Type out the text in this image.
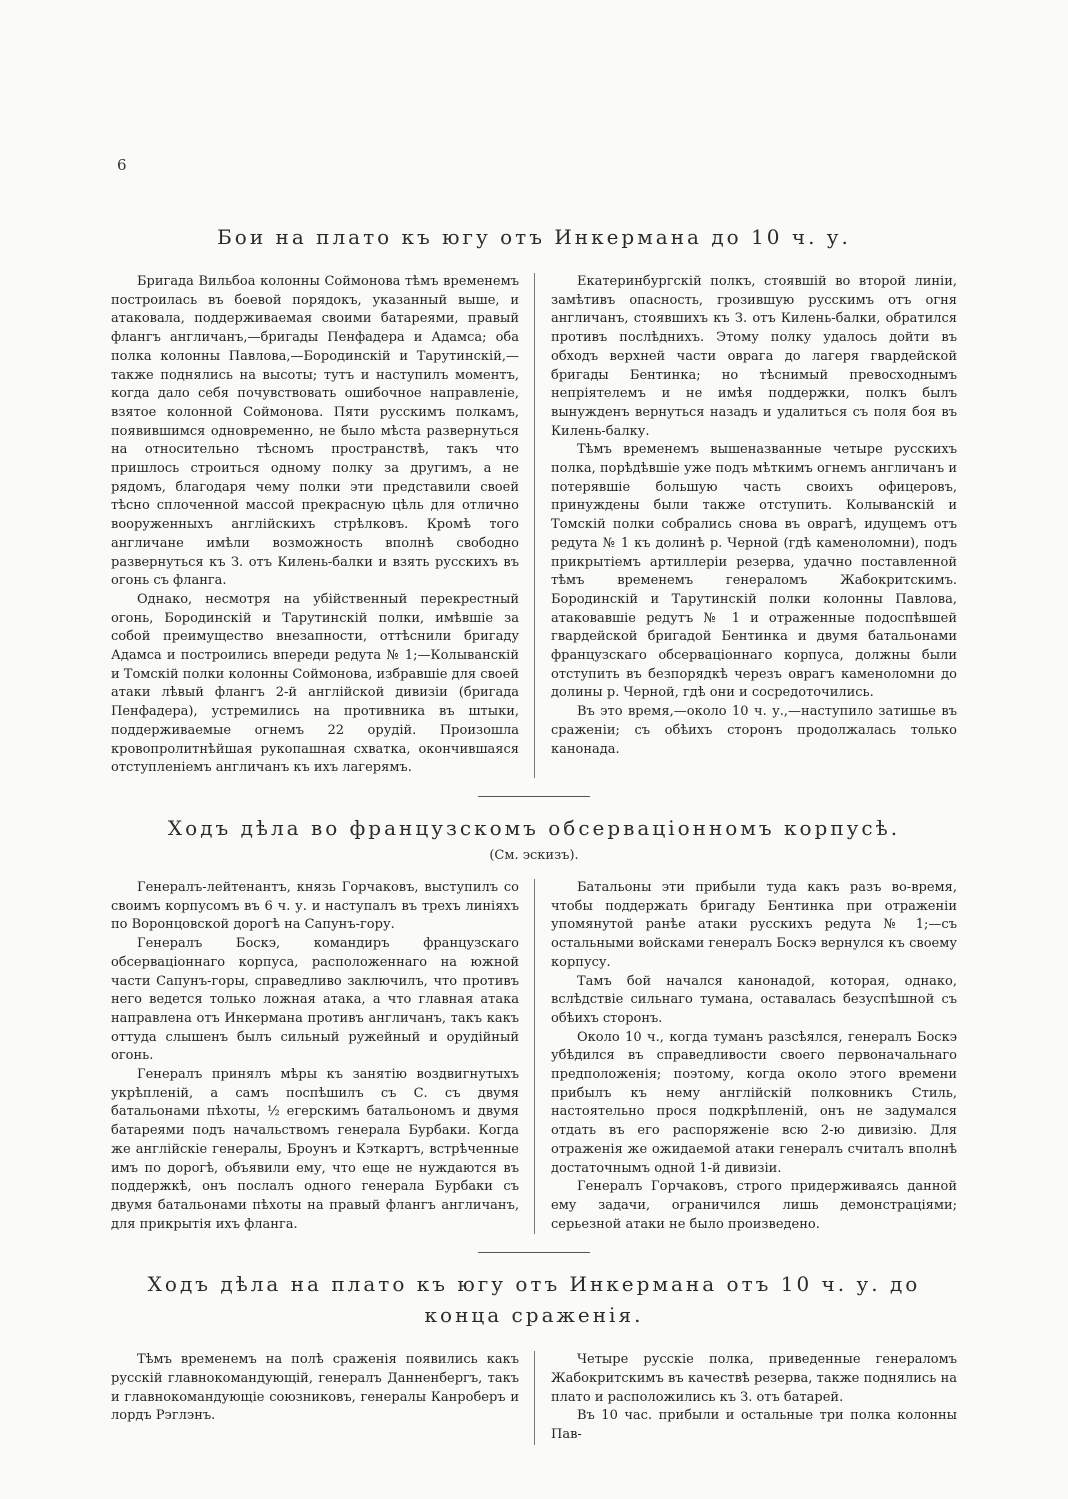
6
Бои на плато къ югу отъ Инкермана до 10 ч. у.

Бригада Вильбоа колонны Соймонова тѣмъ временемъ построилась въ боевой порядокъ, указанный выше, и атаковала, поддерживаемая своими батареями, правый флангъ англичанъ,—бригады Пенфадера и Адамса; оба полка колонны Павлова,—Бородинскій и Тарутинскій,—также поднялись на высоты; тутъ и наступилъ моментъ, когда дало себя почувствовать ошибочное направленіе, взятое колонной Соймонова. Пяти русскимъ полкамъ, появившимся одновременно, не было мѣста развернуться на относительно тѣсномъ пространствѣ, такъ что пришлось строиться одному полку за другимъ, а не рядомъ, благодаря чему полки эти представили своей тѣсно сплоченной массой прекрасную цѣль для отлично вооруженныхъ англійскихъ стрѣлковъ. Кромѣ того англичане имѣли возможность вполнѣ свободно развернуться къ З. отъ Килень-балки и взять русскихъ въ огонь съ фланга.

Однако, несмотря на убійственный перекрестный огонь, Бородинскій и Тарутинскій полки, имѣвшіе за собой преимущество внезапности, оттѣснили бригаду Адамса и построились впереди редута № 1;—Колыванскій и Томскій полки колонны Соймонова, избравшіе для своей атаки лѣвый флангъ 2-й англійской дивизіи (бригада Пенфадера), устремились на противника въ штыки, поддерживаемые огнемъ 22 орудій. Произошла кровопролитнѣйшая рукопашная схватка, окончившаяся отступленіемъ англичанъ къ ихъ лагерямъ.

Екатеринбургскій полкъ, стоявшій во второй линіи, замѣтивъ опасность, грозившую русскимъ отъ огня англичанъ, стоявшихъ къ З. отъ Килень-балки, обратился противъ послѣднихъ. Этому полку удалось дойти въ обходъ верхней части оврага до лагеря гвардейской бригады Бентинка; но тѣснимый превосходнымъ непріятелемъ и не имѣя поддержки, полкъ былъ вынужденъ вернуться назадъ и удалиться съ поля боя въ Килень-балку.

Тѣмъ временемъ вышеназванные четыре русскихъ полка, порѣдѣвшіе уже подъ мѣткимъ огнемъ англичанъ и потерявшіе большую часть своихъ офицеровъ, принуждены были также отступить. Колыванскій и Томскій полки собрались снова въ оврагѣ, идущемъ отъ редута № 1 къ долинѣ р. Черной (гдѣ каменоломни), подъ прикрытіемъ артиллеріи резерва, удачно поставленной тѣмъ временемъ генераломъ Жабокритскимъ. Бородинскій и Тарутинскій полки колонны Павлова, атаковавшіе редутъ № 1 и отраженные подоспѣвшей гвардейской бригадой Бентинка и двумя батальонами французскаго обсерваціоннаго корпуса, должны были отступить въ безпорядкѣ черезъ оврагъ каменоломни до долины р. Черной, гдѣ они и сосредоточились.

Въ это время,—около 10 ч. у.,—наступило затишье въ сраженіи; съ обѣихъ сторонъ продолжалась только канонада.

Ходъ дѣла во французскомъ обсерваціонномъ корпусѣ.
(См. эскизъ).

Генералъ-лейтенантъ, князь Горчаковъ, выступилъ со своимъ корпусомъ въ 6 ч. у. и наступалъ въ трехъ линіяхъ по Воронцовской дорогѣ на Сапунъ-гору.

Генералъ Боскэ, командиръ французскаго обсерваціоннаго корпуса, расположеннаго на южной части Сапунъ-горы, справедливо заключилъ, что противъ него ведется только ложная атака, а что главная атака направлена отъ Инкермана противъ англичанъ, такъ какъ оттуда слышенъ былъ сильный ружейный и орудійный огонь.

Генералъ принялъ мѣры къ занятію воздвигнутыхъ укрѣпленій, а самъ поспѣшилъ съ С. съ двумя батальонами пѣхоты, ½ егерскимъ батальономъ и двумя батареями подъ начальствомъ генерала Бурбаки. Когда же англійскіе генералы, Броунъ и Кэткартъ, встрѣченные имъ по дорогѣ, объявили ему, что еще не нуждаются въ поддержкѣ, онъ послалъ одного генерала Бурбаки съ двумя батальонами пѣхоты на правый флангъ англичанъ, для прикрытія ихъ фланга.

Батальоны эти прибыли туда какъ разъ во-время, чтобы поддержать бригаду Бентинка при отраженіи упомянутой ранѣе атаки русскихъ редута № 1;—съ остальными войсками генералъ Боскэ вернулся къ своему корпусу.

Тамъ бой начался канонадой, которая, однако, вслѣдствіе сильнаго тумана, оставалась безуспѣшной съ обѣихъ сторонъ.

Около 10 ч., когда туманъ разсѣялся, генералъ Боскэ убѣдился въ справедливости своего первоначальнаго предположенія; поэтому, когда около этого времени прибылъ къ нему англійскій полковникъ Стиль, настоятельно прося подкрѣпленій, онъ не задумался отдать въ его распоряженіе всю 2-ю дивизію. Для отраженія же ожидаемой атаки генералъ считалъ вполнѣ достаточнымъ одной 1-й дивизіи.

Генералъ Горчаковъ, строго придерживаясь данной ему задачи, ограничился лишь демонстраціями; серьезной атаки не было произведено.

Ходъ дѣла на плато къ югу отъ Инкермана отъ 10 ч. у. до конца сраженія.

Тѣмъ временемъ на полѣ сраженія появились какъ русскій главнокомандующій, генералъ Данненбергъ, такъ и главнокомандующіе союзниковъ, генералы Канроберъ и лордъ Рэглэнъ.

Четыре русскіе полка, приведенные генераломъ Жабокритскимъ въ качествѣ резерва, также поднялись на плато и расположились къ З. отъ батарей.

Въ 10 час. прибыли и остальные три полка колонны Пав-
